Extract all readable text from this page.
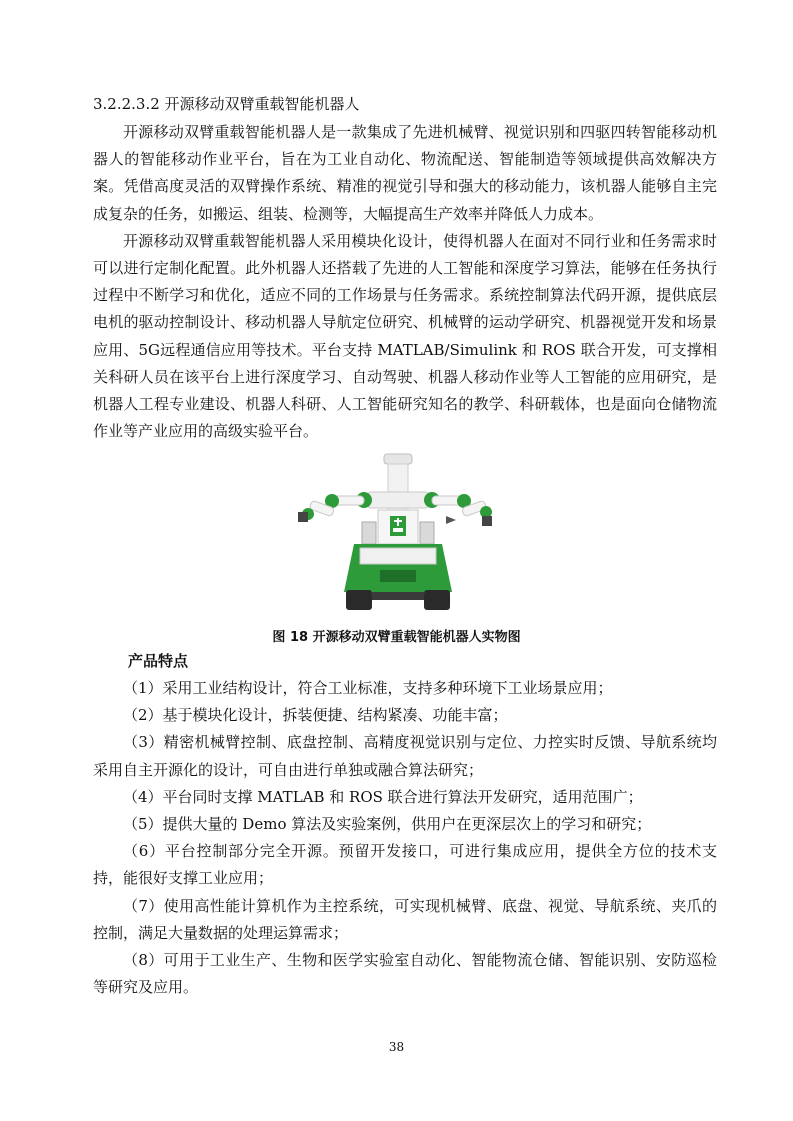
3.2.2.3.2 开源移动双臂重载智能机器人

开源移动双臂重载智能机器人是一款集成了先进机械臂、视觉识别和四驱四转智能移动机器人的智能移动作业平台，旨在为工业自动化、物流配送、智能制造等领域提供高效解决方案。凭借高度灵活的双臂操作系统、精准的视觉引导和强大的移动能力，该机器人能够自主完成复杂的任务，如搬运、组装、检测等，大幅提高生产效率并降低人力成本。

开源移动双臂重载智能机器人采用模块化设计，使得机器人在面对不同行业和任务需求时可以进行定制化配置。此外机器人还搭载了先进的人工智能和深度学习算法，能够在任务执行过程中不断学习和优化，适应不同的工作场景与任务需求。系统控制算法代码开源，提供底层电机的驱动控制设计、移动机器人导航定位研究、机械臂的运动学研究、机器视觉开发和场景应用、5G远程通信应用等技术。平台支持 MATLAB/Simulink 和 ROS 联合开发，可支撑相关科研人员在该平台上进行深度学习、自动驾驶、机器人移动作业等人工智能的应用研究，是机器人工程专业建设、机器人科研、人工智能研究知名的教学、科研载体，也是面向仓储物流作业等产业应用的高级实验平台。

图 18 开源移动双臂重载智能机器人实物图
产品特点

（1）采用工业结构设计，符合工业标准，支持多种环境下工业场景应用；

（2）基于模块化设计，拆装便捷、结构紧凑、功能丰富；

（3）精密机械臂控制、底盘控制、高精度视觉识别与定位、力控实时反馈、导航系统均采用自主开源化的设计，可自由进行单独或融合算法研究；

（4）平台同时支撑 MATLAB 和 ROS 联合进行算法开发研究，适用范围广；

（5）提供大量的 Demo 算法及实验案例，供用户在更深层次上的学习和研究；

（6）平台控制部分完全开源。预留开发接口，可进行集成应用，提供全方位的技术支持，能很好支撑工业应用；

（7）使用高性能计算机作为主控系统，可实现机械臂、底盘、视觉、导航系统、夹爪的控制，满足大量数据的处理运算需求；

（8）可用于工业生产、生物和医学实验室自动化、智能物流仓储、智能识别、安防巡检等研究及应用。

38
